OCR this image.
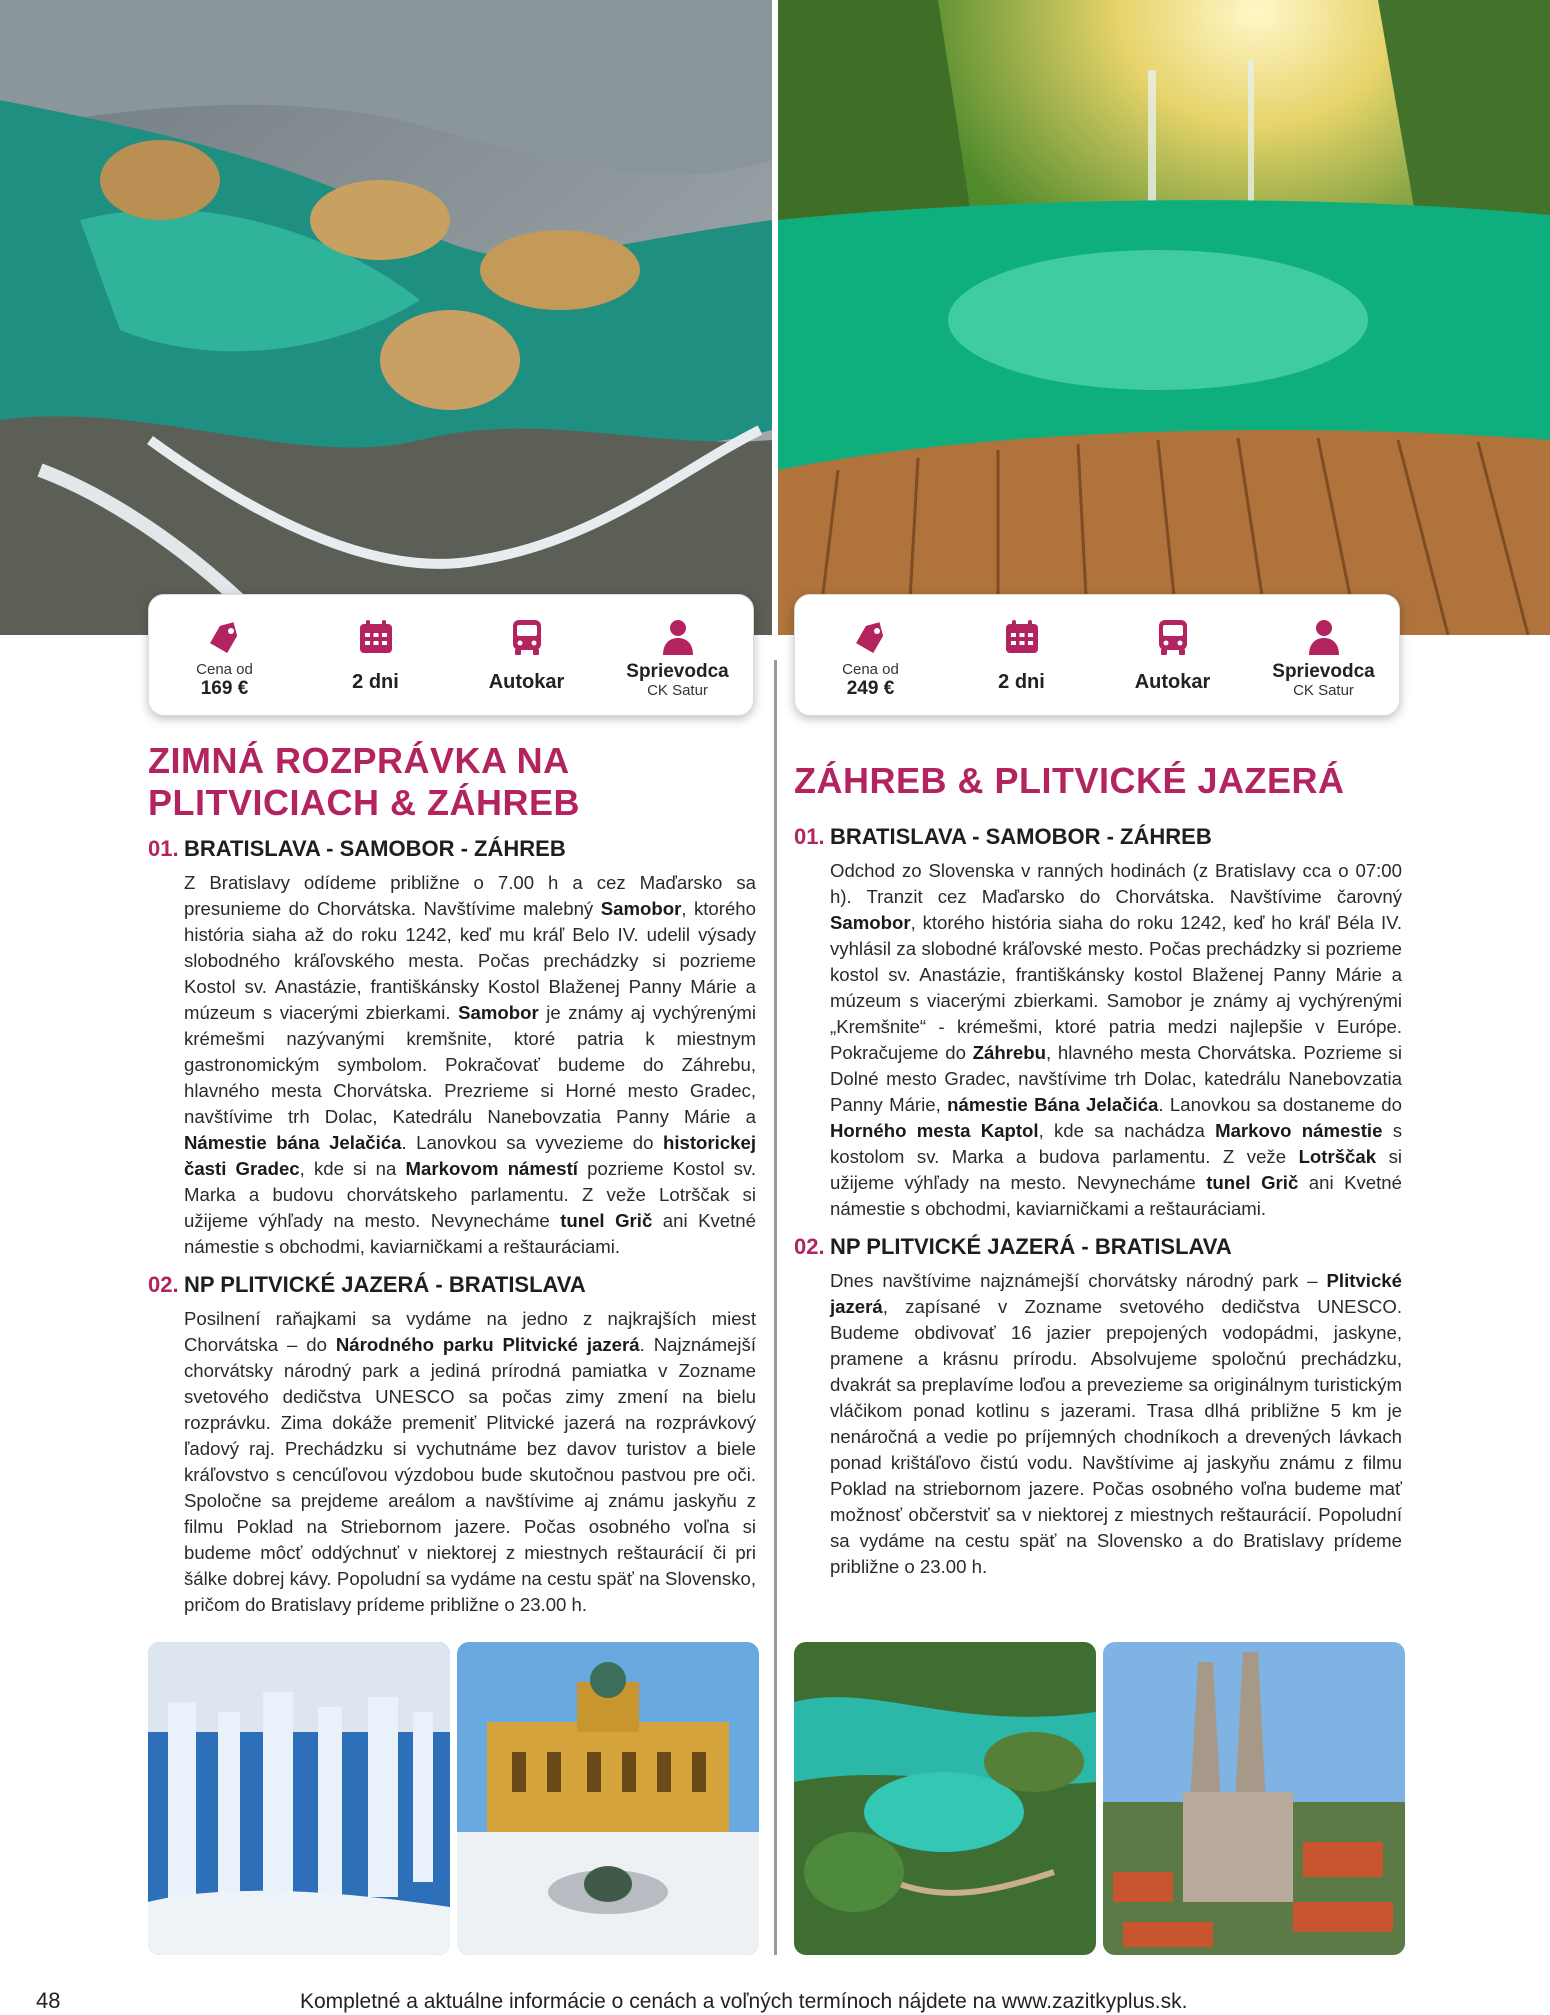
Cena od
169 €	2 dni	Autokar	Sprievodca
CK Satur
Cena od
249 €	2 dni	Autokar	Sprievodca
CK Satur
ZIMNÁ ROZPRÁVKA NA
PLITVICIACH & ZÁHREB
01. BRATISLAVA - SAMOBOR - ZÁHREB

Z Bratislavy odídeme približne o 7.00 h a cez Maďarsko sa presunieme do Chorvátska. Navštívime malebný Samobor, ktorého história siaha až do roku 1242, keď mu kráľ Belo IV. udelil výsady slobodného kráľovského mesta. Počas prechádzky si pozrieme Kostol sv. Anastázie, františkánsky Kostol Blaženej Panny Márie a múzeum s viacerými zbierkami. Samobor je známy aj vychýrenými krémešmi nazývanými kremšnite, ktoré patria k miestnym gastronomickým symbolom. Pokračovať budeme do Záhrebu, hlavného mesta Chorvátska. Prezrieme si Horné mesto Gradec, navštívime trh Dolac, Katedrálu Nanebovzatia Panny Márie a Námestie bána Jelačića. Lanovkou sa vyvezieme do historickej časti Gradec, kde si na Markovom námestí pozrieme Kostol sv. Marka a budovu chorvátskeho parlamentu. Z veže Lotrščak si užijeme výhľady na mesto. Nevynecháme tunel Grič ani Kvetné námestie s obchodmi, kaviarničkami a reštauráciami.

02. NP PLITVICKÉ JAZERÁ - BRATISLAVA

Posilnení raňajkami sa vydáme na jedno z najkrajších miest Chorvátska – do Národného parku Plitvické jazerá. Najznámejší chorvátsky národný park a jediná prírodná pamiatka v Zozname svetového dedičstva UNESCO sa počas zimy zmení na bielu rozprávku. Zima dokáže premeniť Plitvické jazerá na rozprávkový ľadový raj. Prechádzku si vychutnáme bez davov turistov a biele kráľovstvo s cencúľovou výzdobou bude skutočnou pastvou pre oči. Spoločne sa prejdeme areálom a navštívime aj známu jaskyňu z filmu Poklad na Striebornom jazere. Počas osobného voľna si budeme môcť oddýchnuť v niektorej z miestnych reštaurácií či pri šálke dobrej kávy. Popoludní sa vydáme na cestu späť na Slovensko, pričom do Bratislavy prídeme približne o 23.00 h.

ZÁHREB & PLITVICKÉ JAZERÁ
01. BRATISLAVA - SAMOBOR - ZÁHREB

Odchod zo Slovenska v ranných hodinách (z Bratislavy cca o 07:00 h). Tranzit cez Maďarsko do Chorvátska. Navštívime čarovný Samobor, ktorého história siaha do roku 1242, keď ho kráľ Béla IV. vyhlásil za slobodné kráľovské mesto. Počas prechádzky si pozrieme kostol sv. Anastázie, františkánsky kostol Blaženej Panny Márie a múzeum s viacerými zbierkami. Samobor je známy aj vychýrenými „Kremšnite“ - krémešmi, ktoré patria medzi najlepšie v Európe. Pokračujeme do Záhrebu, hlavného mesta Chorvátska. Pozrieme si Dolné mesto Gradec, navštívime trh Dolac, katedrálu Nanebovzatia Panny Márie, námestie Bána Jelačića. Lanovkou sa dostaneme do Horného mesta Kaptol, kde sa nachádza Markovo námestie s kostolom sv. Marka a budova parlamentu. Z veže Lotrščak si užijeme výhľady na mesto. Nevynecháme tunel Grič ani Kvetné námestie s obchodmi, kaviarničkami a reštauráciami.

02. NP PLITVICKÉ JAZERÁ - BRATISLAVA

Dnes navštívime najznámejší chorvátsky národný park – Plitvické jazerá, zapísané v Zozname svetového dedičstva UNESCO. Budeme obdivovať 16 jazier prepojených vodopádmi, jaskyne, pramene a krásnu prírodu. Absolvujeme spoločnú prechádzku, dvakrát sa preplavíme loďou a prevezieme sa originálnym turistickým vláčikom ponad kotlinu s jazerami. Trasa dlhá približne 5 km je nenáročná a vedie po príjemných chodníkoch a drevených lávkach ponad krištáľovo čistú vodu. Navštívime aj jaskyňu známu z filmu Poklad na striebornom jazere. Počas osobného voľna budeme mať možnosť občerstviť sa v niektorej z miestnych reštaurácií. Popoludní sa vydáme na cestu späť na Slovensko a do Bratislavy prídeme približne o 23.00 h.

48	Kompletné a aktuálne informácie o cenách a voľných termínoch nájdete na www.zazitkyplus.sk.
